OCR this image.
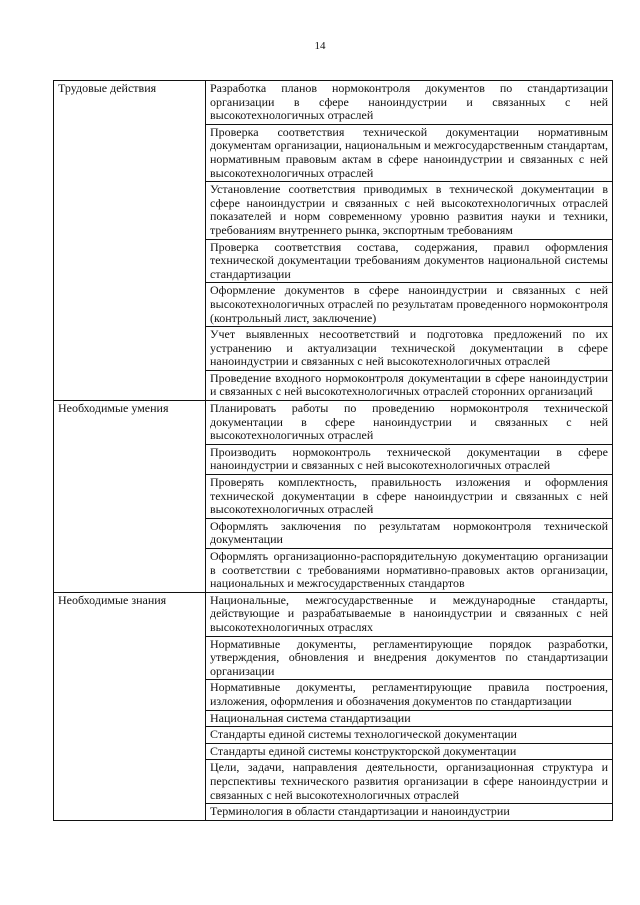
14
Трудовые действия	Разработка планов нормоконтроля документов по стандартизации организации в сфере наноиндустрии и связанных с ней высокотехнологичных отраслей
	Проверка соответствия технической документации нормативным документам организации, национальным и межгосударственным стандартам, нормативным правовым актам в сфере наноиндустрии и связанных с ней высокотехнологичных отраслей
	Установление соответствия приводимых в технической документации в сфере наноиндустрии и связанных с ней высокотехнологичных отраслей показателей и норм современному уровню развития науки и техники, требованиям внутреннего рынка, экспортным требованиям
	Проверка соответствия состава, содержания, правил оформления технической документации требованиям документов национальной системы стандартизации
	Оформление документов в сфере наноиндустрии и связанных с ней высокотехнологичных отраслей по результатам проведенного нормоконтроля (контрольный лист, заключение)
	Учет выявленных несоответствий и подготовка предложений по их устранению и актуализации технической документации в сфере наноиндустрии и связанных с ней высокотехнологичных отраслей
	Проведение входного нормоконтроля документации в сфере наноиндустрии и связанных с ней высокотехнологичных отраслей сторонних организаций
Необходимые умения	Планировать работы по проведению нормоконтроля технической документации в сфере наноиндустрии и связанных с ней высокотехнологичных отраслей
	Производить нормоконтроль технической документации в сфере наноиндустрии и связанных с ней высокотехнологичных отраслей
	Проверять комплектность, правильность изложения и оформления технической документации в сфере наноиндустрии и связанных с ней высокотехнологичных отраслей
	Оформлять заключения по результатам нормоконтроля технической документации
	Оформлять организационно-распорядительную документацию организации в соответствии с требованиями нормативно-правовых актов организации, национальных и межгосударственных стандартов
Необходимые знания	Национальные, межгосударственные и международные стандарты, действующие и разрабатываемые в наноиндустрии и связанных с ней высокотехнологичных отраслях
	Нормативные документы, регламентирующие порядок разработки, утверждения, обновления и внедрения документов по стандартизации организации
	Нормативные документы, регламентирующие правила построения, изложения, оформления и обозначения документов по стандартизации
	Национальная система стандартизации
	Стандарты единой системы технологической документации
	Стандарты единой системы конструкторской документации
	Цели, задачи, направления деятельности, организационная структура и перспективы технического развития организации в сфере наноиндустрии и связанных с ней высокотехнологичных отраслей
	Терминология в области стандартизации и наноиндустрии
